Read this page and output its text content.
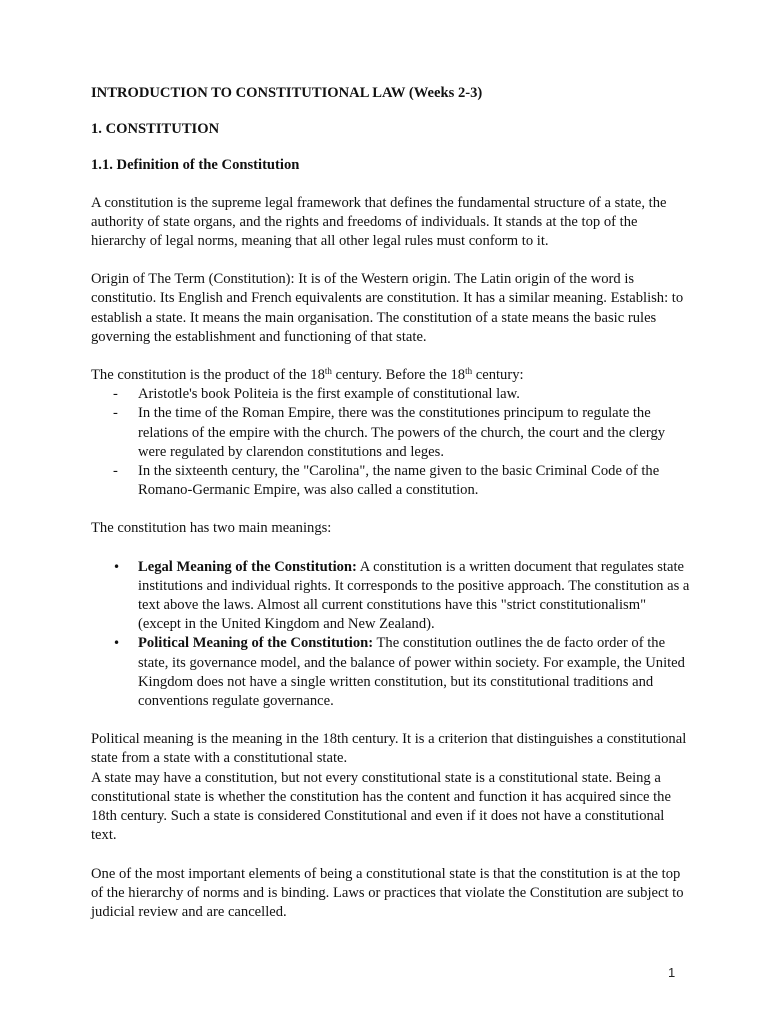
INTRODUCTION TO CONSTITUTIONAL LAW (Weeks 2-3)
1. CONSTITUTION
1.1. Definition of the Constitution

A constitution is the supreme legal framework that defines the fundamental structure of a state, the authority of state organs, and the rights and freedoms of individuals. It stands at the top of the hierarchy of legal norms, meaning that all other legal rules must conform to it.

Origin of The Term (Constitution): It is of the Western origin. The Latin origin of the word is constitutio. Its English and French equivalents are constitution. It has a similar meaning. Establish: to establish a state. It means the main organisation. The constitution of a state means the basic rules governing the establishment and functioning of that state.

The constitution is the product of the 18th century. Before the 18th century:

- Aristotle's book Politeia is the first example of constitutional law.
- In the time of the Roman Empire, there was the constitutiones principum to regulate the relations of the empire with the church. The powers of the church, the court and the clergy were regulated by clarendon constitutions and leges.
- In the sixteenth century, the "Carolina", the name given to the basic Criminal Code of the Romano-Germanic Empire, was also called a constitution.

The constitution has two main meanings:

• Legal Meaning of the Constitution: A constitution is a written document that regulates state institutions and individual rights. It corresponds to the positive approach. The constitution as a text above the laws. Almost all current constitutions have this "strict constitutionalism" (except in the United Kingdom and New Zealand).
• Political Meaning of the Constitution: The constitution outlines the de facto order of the state, its governance model, and the balance of power within society. For example, the United Kingdom does not have a single written constitution, but its constitutional traditions and conventions regulate governance.

Political meaning is the meaning in the 18th century. It is a criterion that distinguishes a constitutional state from a state with a constitutional state.

A state may have a constitution, but not every constitutional state is a constitutional state. Being a constitutional state is whether the constitution has the content and function it has acquired since the 18th century. Such a state is considered Constitutional and even if it does not have a constitutional text.

One of the most important elements of being a constitutional state is that the constitution is at the top of the hierarchy of norms and is binding. Laws or practices that violate the Constitution are subject to judicial review and are cancelled.

1
